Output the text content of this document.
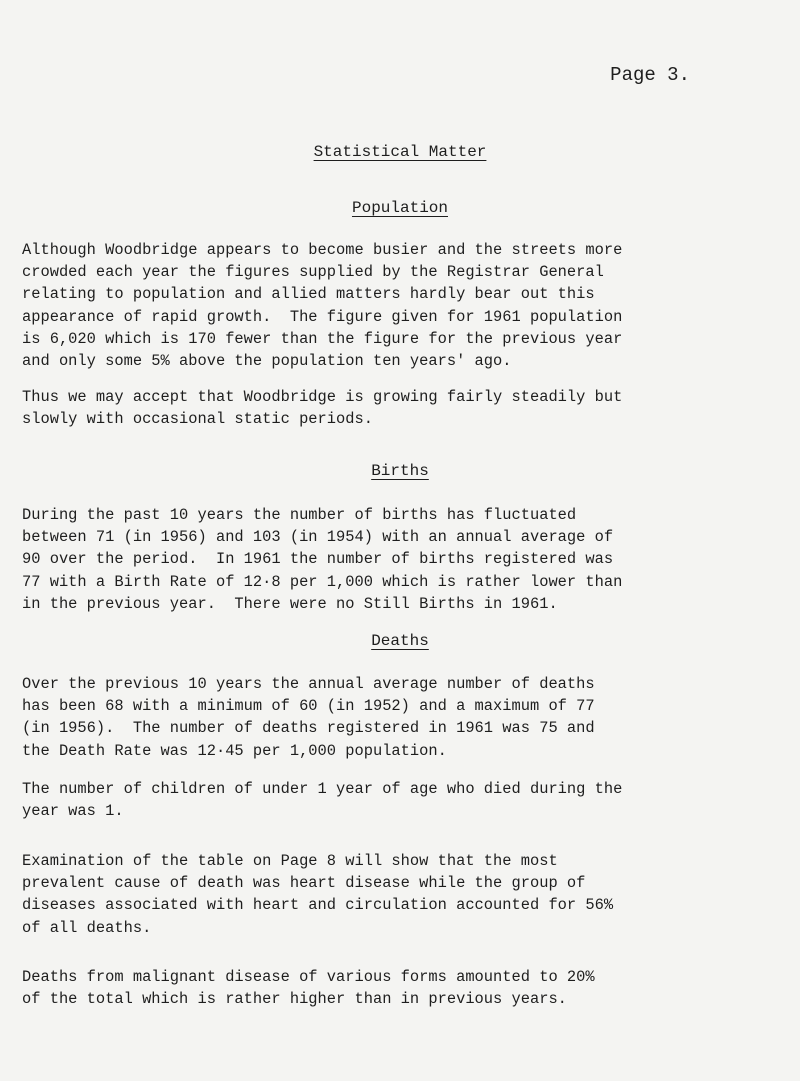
Page 3.
Statistical Matter
Population

Although Woodbridge appears to become busier and the streets more
crowded each year the figures supplied by the Registrar General
relating to population and allied matters hardly bear out this
appearance of rapid growth.  The figure given for 1961 population
is 6,020 which is 170 fewer than the figure for the previous year
and only some 5% above the population ten years' ago.

Thus we may accept that Woodbridge is growing fairly steadily but
slowly with occasional static periods.

Births

During the past 10 years the number of births has fluctuated
between 71 (in 1956) and 103 (in 1954) with an annual average of
90 over the period.  In 1961 the number of births registered was
77 with a Birth Rate of 12·8 per 1,000 which is rather lower than
in the previous year.  There were no Still Births in 1961.

Deaths

Over the previous 10 years the annual average number of deaths
has been 68 with a minimum of 60 (in 1952) and a maximum of 77
(in 1956).  The number of deaths registered in 1961 was 75 and
the Death Rate was 12·45 per 1,000 population.

The number of children of under 1 year of age who died during the
year was 1.

Examination of the table on Page 8 will show that the most
prevalent cause of death was heart disease while the group of
diseases associated with heart and circulation accounted for 56%
of all deaths.

Deaths from malignant disease of various forms amounted to 20%
of the total which is rather higher than in previous years.
